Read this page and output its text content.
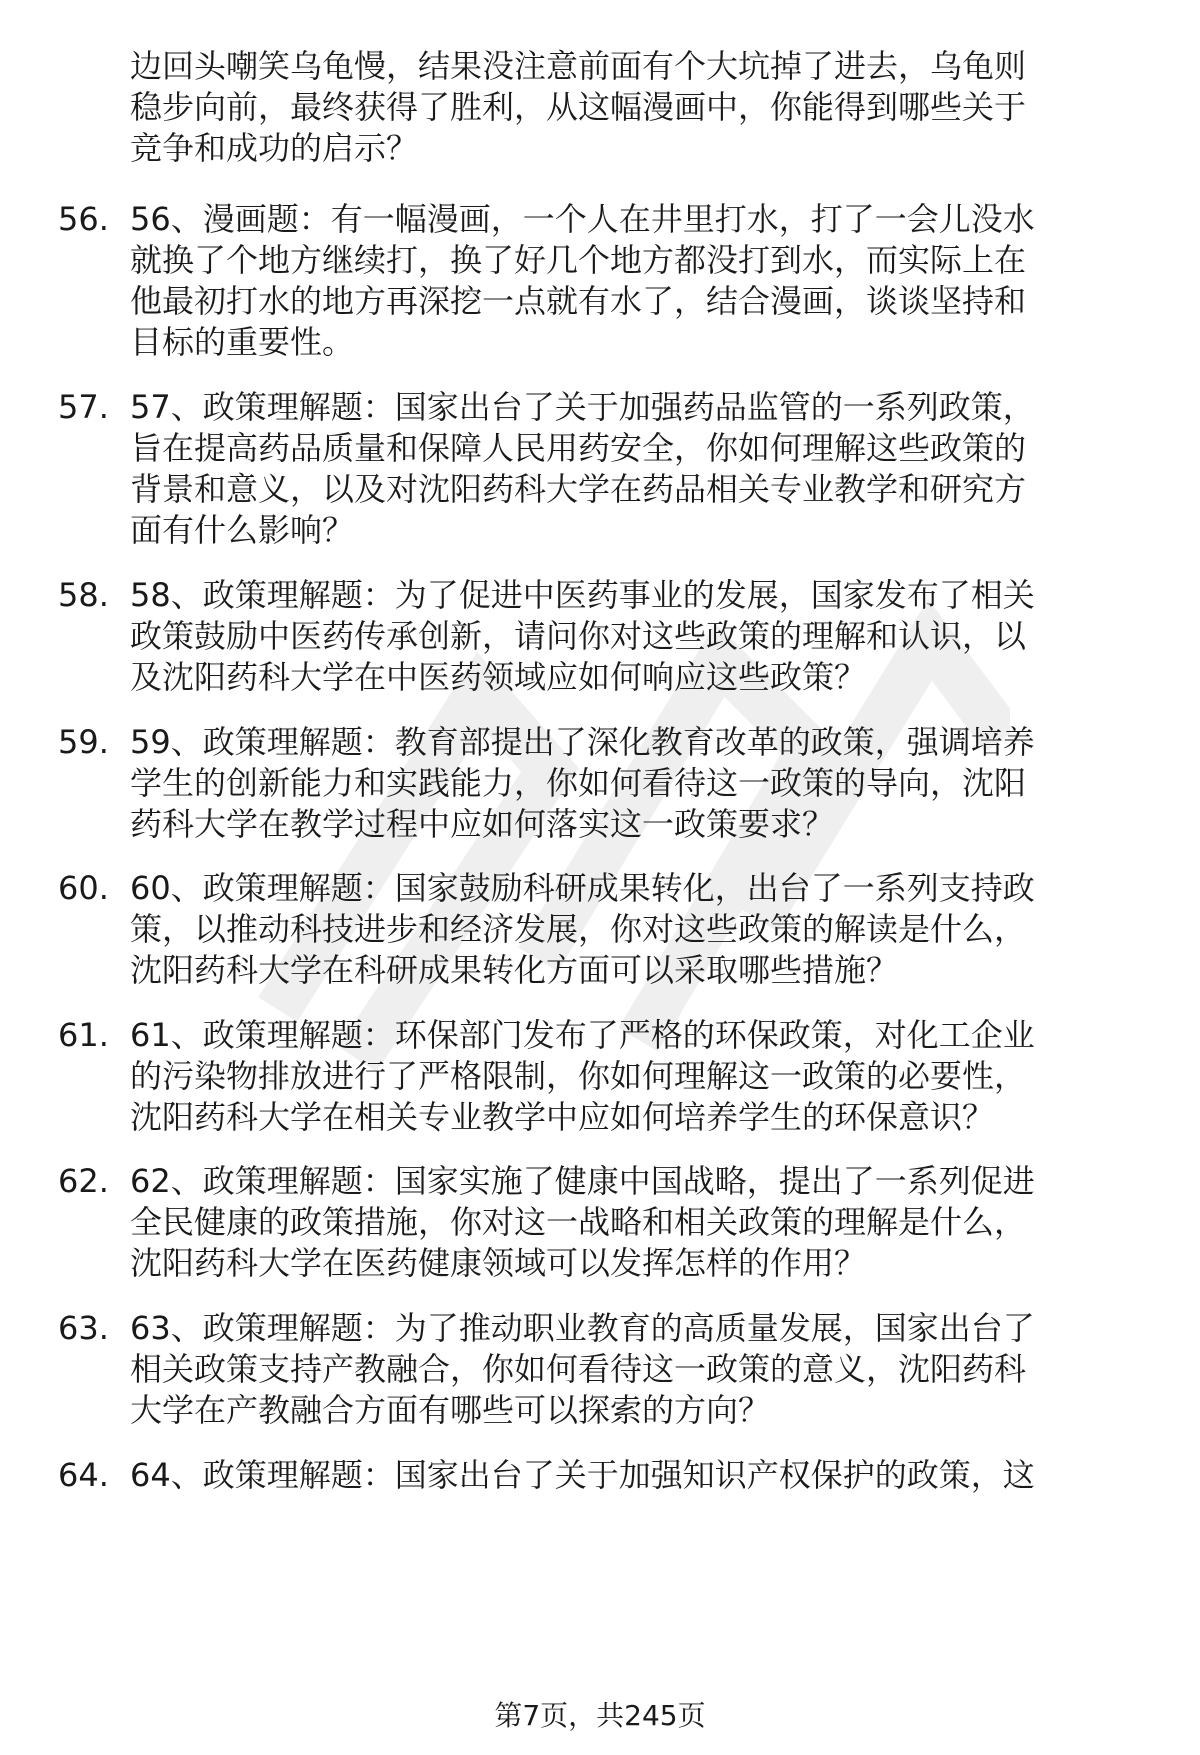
边回头嘲笑乌龟慢，结果没注意前面有个大坑掉了进去，乌龟则
稳步向前，最终获得了胜利，从这幅漫画中，你能得到哪些关于
竞争和成功的启示？
56. 56、漫画题：有一幅漫画，一个人在井里打水，打了一会儿没水
就换了个地方继续打，换了好几个地方都没打到水，而实际上在
他最初打水的地方再深挖一点就有水了，结合漫画，谈谈坚持和
目标的重要性。
57. 57、政策理解题：国家出台了关于加强药品监管的一系列政策，
旨在提高药品质量和保障人民用药安全，你如何理解这些政策的
背景和意义，以及对沈阳药科大学在药品相关专业教学和研究方
面有什么影响？
58. 58、政策理解题：为了促进中医药事业的发展，国家发布了相关
政策鼓励中医药传承创新，请问你对这些政策的理解和认识，以
及沈阳药科大学在中医药领域应如何响应这些政策？
59. 59、政策理解题：教育部提出了深化教育改革的政策，强调培养
学生的创新能力和实践能力，你如何看待这一政策的导向，沈阳
药科大学在教学过程中应如何落实这一政策要求？
60. 60、政策理解题：国家鼓励科研成果转化，出台了一系列支持政
策，以推动科技进步和经济发展，你对这些政策的解读是什么，
沈阳药科大学在科研成果转化方面可以采取哪些措施？
61. 61、政策理解题：环保部门发布了严格的环保政策，对化工企业
的污染物排放进行了严格限制，你如何理解这一政策的必要性，
沈阳药科大学在相关专业教学中应如何培养学生的环保意识？
62. 62、政策理解题：国家实施了健康中国战略，提出了一系列促进
全民健康的政策措施，你对这一战略和相关政策的理解是什么，
沈阳药科大学在医药健康领域可以发挥怎样的作用？
63. 63、政策理解题：为了推动职业教育的高质量发展，国家出台了
相关政策支持产教融合，你如何看待这一政策的意义，沈阳药科
大学在产教融合方面有哪些可以探索的方向？
64. 64、政策理解题：国家出台了关于加强知识产权保护的政策，这
第7页，共245页
